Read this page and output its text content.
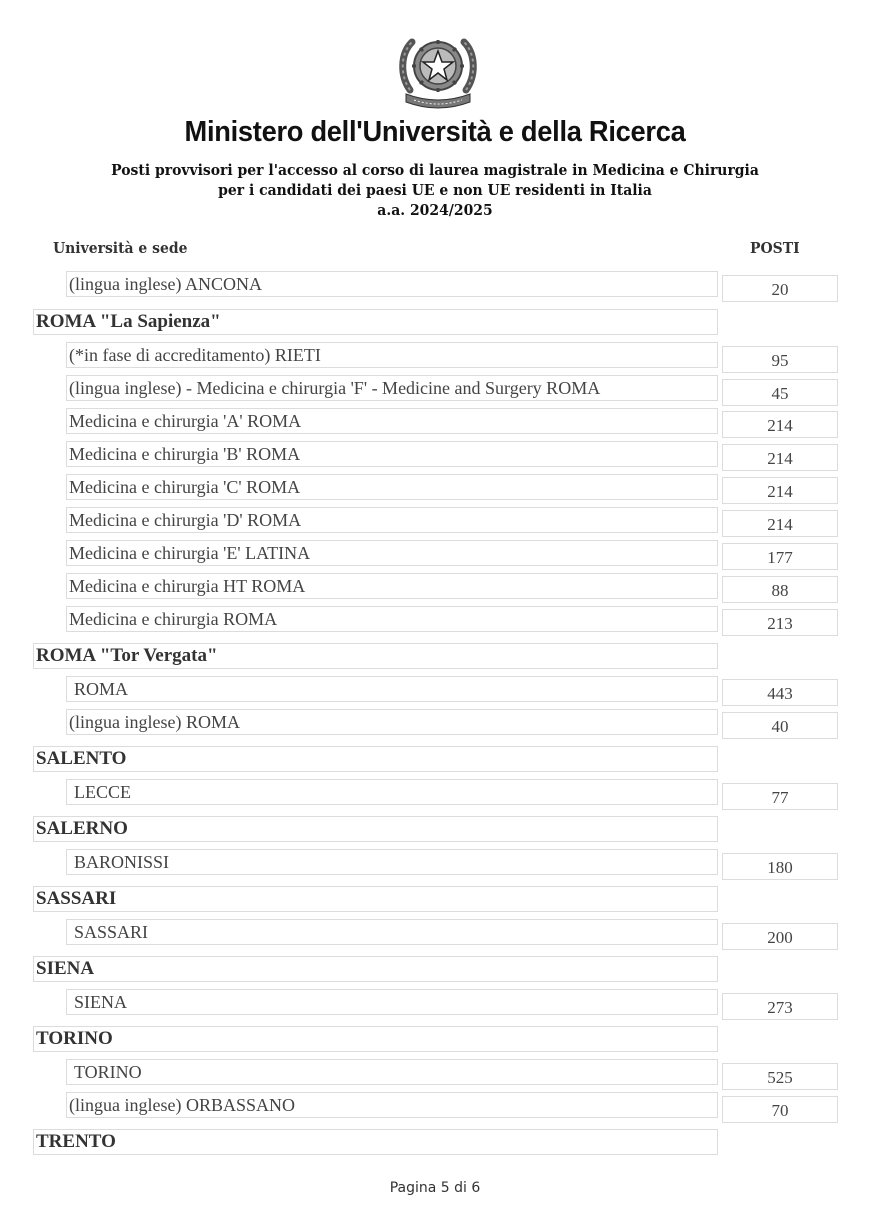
Ministero dell'Università e della Ricerca
Posti provvisori per l'accesso al corso di laurea magistrale in Medicina e Chirurgia
per i candidati dei paesi UE e non UE residenti in Italia
a.a. 2024/2025
Università e sede	POSTI
(lingua inglese) ANCONA	20
ROMA "La Sapienza"
(*in fase di accreditamento) RIETI	95
(lingua inglese) - Medicina e chirurgia 'F' - Medicine and Surgery ROMA	45
Medicina e chirurgia 'A' ROMA	214
Medicina e chirurgia 'B' ROMA	214
Medicina e chirurgia 'C' ROMA	214
Medicina e chirurgia 'D' ROMA	214
Medicina e chirurgia 'E' LATINA	177
Medicina e chirurgia HT ROMA	88
Medicina e chirurgia ROMA	213
ROMA "Tor Vergata"
ROMA	443
(lingua inglese) ROMA	40
SALENTO
LECCE	77
SALERNO
BARONISSI	180
SASSARI
SASSARI	200
SIENA
SIENA	273
TORINO
TORINO	525
(lingua inglese) ORBASSANO	70
TRENTO
Pagina 5 di 6
